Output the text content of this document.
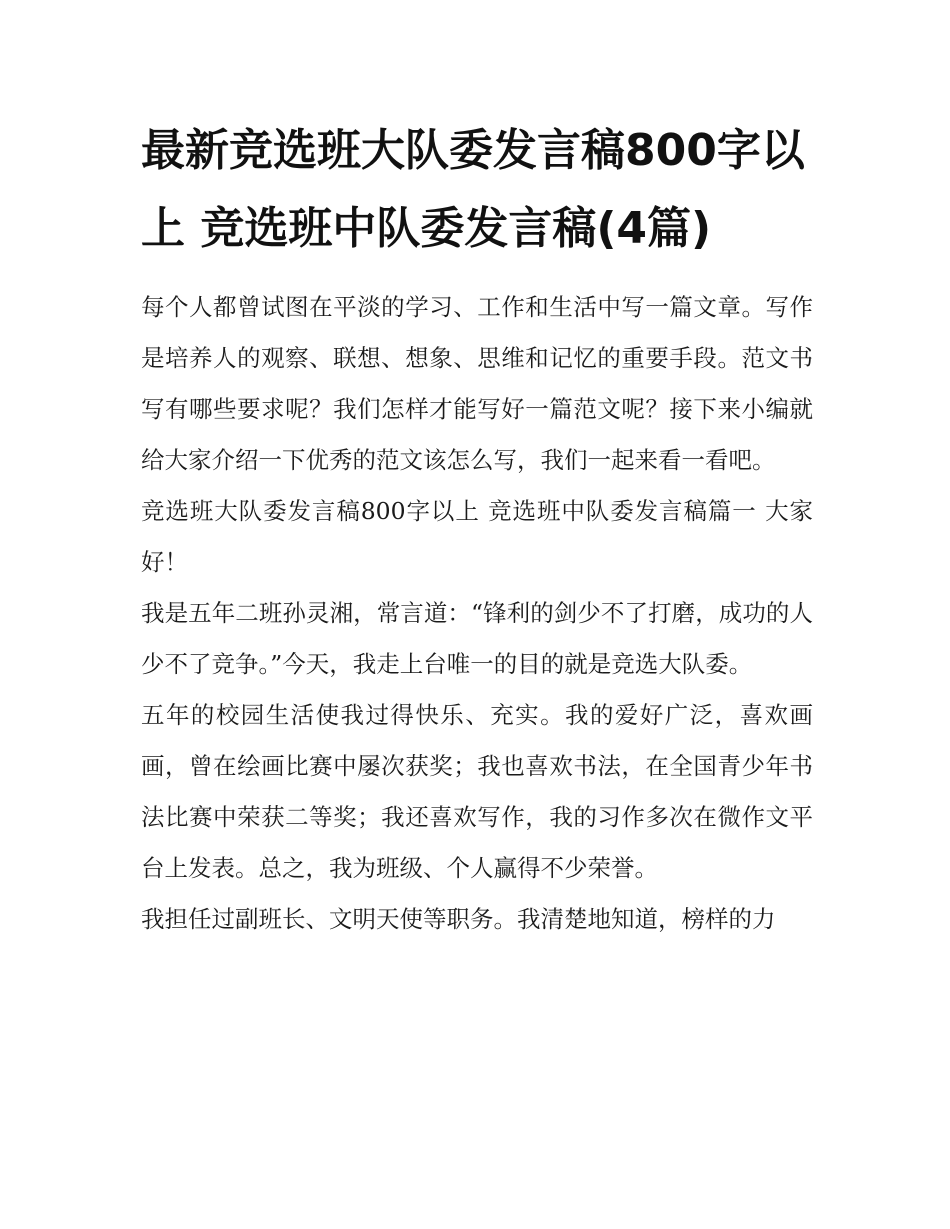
最新竞选班大队委发言稿800字以上 竞选班中队委发言稿(4篇)

每个人都曾试图在平淡的学习、工作和生活中写一篇文章。写作是培养人的观察、联想、想象、思维和记忆的重要手段。范文书写有哪些要求呢？我们怎样才能写好一篇范文呢？接下来小编就给大家介绍一下优秀的范文该怎么写，我们一起来看一看吧。

竞选班大队委发言稿800字以上 竞选班中队委发言稿篇一 大家好！

我是五年二班孙灵湘，常言道：“锋利的剑少不了打磨，成功的人少不了竞争。”今天，我走上台唯一的目的就是竞选大队委。

五年的校园生活使我过得快乐、充实。我的爱好广泛，喜欢画画，曾在绘画比赛中屡次获奖；我也喜欢书法，在全国青少年书法比赛中荣获二等奖；我还喜欢写作，我的习作多次在微作文平台上发表。总之，我为班级、个人赢得不少荣誉。

我担任过副班长、文明天使等职务。我清楚地知道，榜样的力
